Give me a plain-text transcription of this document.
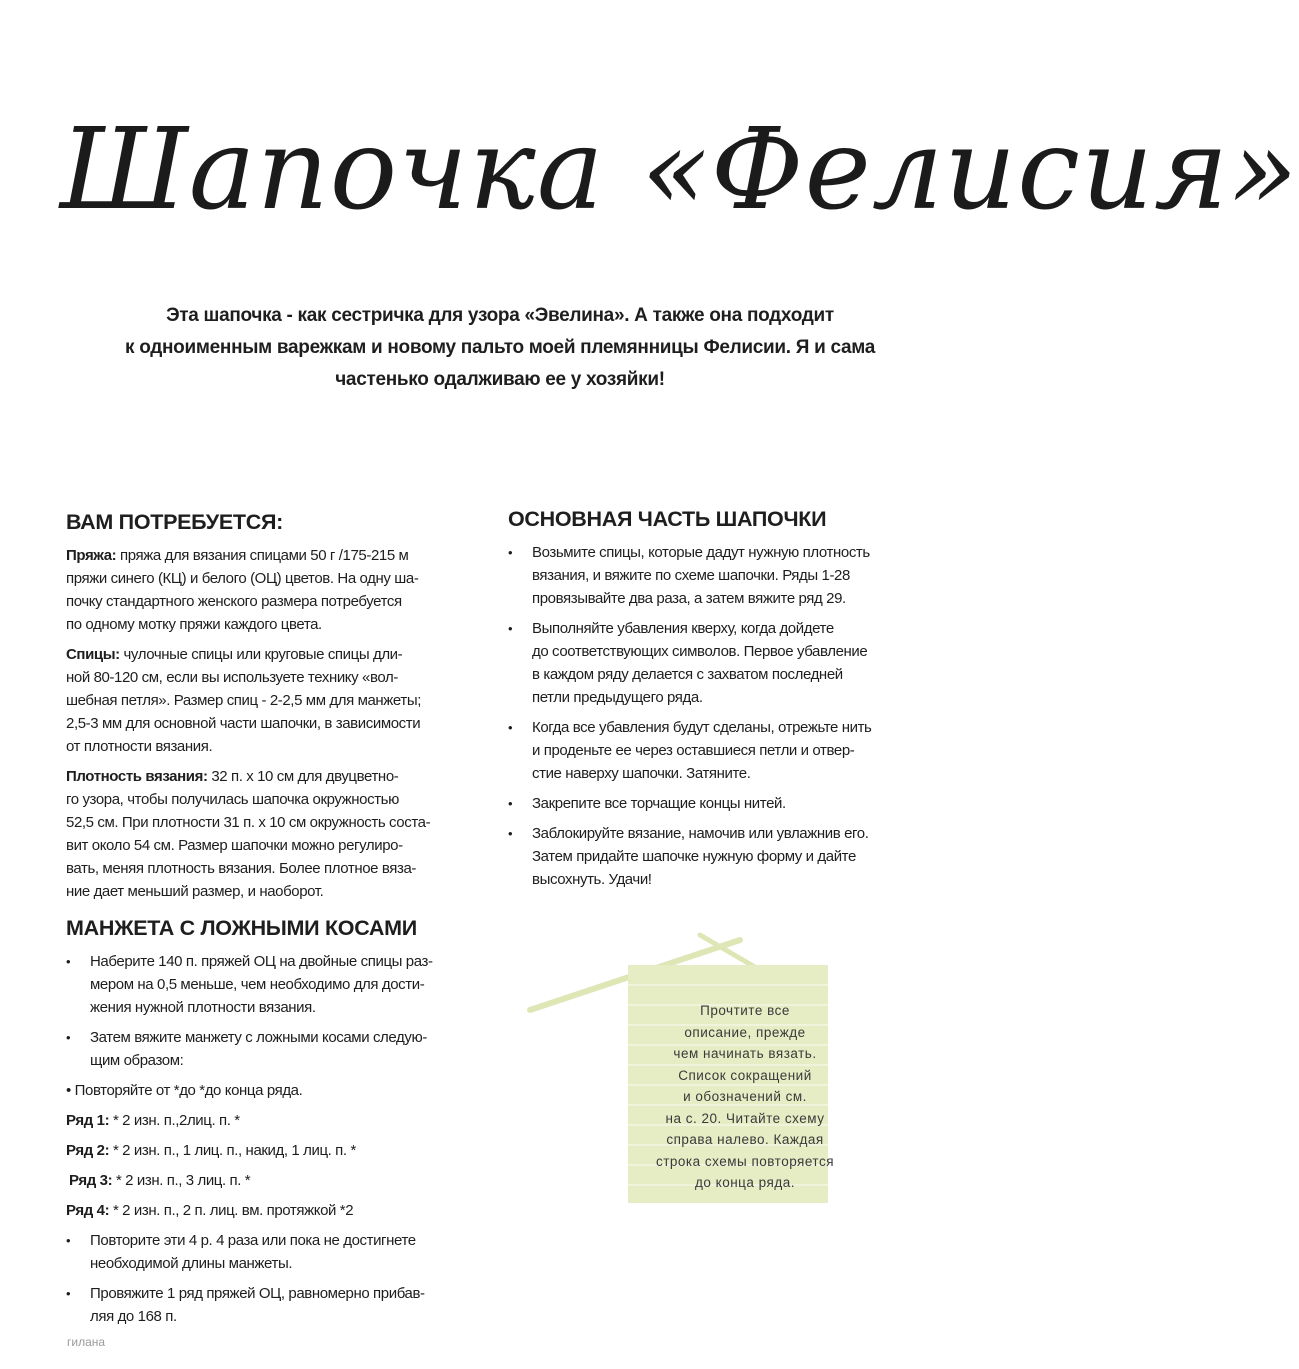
Шапочка «Фелисия»
Эта шапочка - как сестричка для узора «Эвелина». А также она подходит
к одноименным варежкам и новому пальто моей племянницы Фелисии. Я и сама
частенько одалживаю ее у хозяйки!
ВАМ ПОТРЕБУЕТСЯ:
Пряжа: пряжа для вязания спицами 50 г /175-215 м
пряжи синего (КЦ) и белого (ОЦ) цветов. На одну ша-
почку стандартного женского размера потребуется
по одному мотку пряжи каждого цвета.
Спицы: чулочные спицы или круговые спицы дли-
ной 80-120 см, если вы используете технику «вол-
шебная петля». Размер спиц - 2-2,5 мм для манжеты;
2,5-3 мм для основной части шапочки, в зависимости
от плотности вязания.
Плотность вязания: 32 п. х 10 см для двуцветно-
го узора, чтобы получилась шапочка окружностью
52,5 см. При плотности 31 п. х 10 см окружность соста-
вит около 54 см. Размер шапочки можно регулиро-
вать, меняя плотность вязания. Более плотное вяза-
ние дает меньший размер, и наоборот.
МАНЖЕТА С ЛОЖНЫМИ КОСАМИ
• Наберите 140 п. пряжей ОЦ на двойные спицы раз-
мером на 0,5 меньше, чем необходимо для дости-
жения нужной плотности вязания.
• Затем вяжите манжету с ложными косами следую-
щим образом:
• Повторяйте от *до *до конца ряда.
Ряд 1: * 2 изн. п.,2лиц. п. *
Ряд 2: * 2 изн. п., 1 лиц. п., накид, 1 лиц. п. *
Ряд 3: * 2 изн. п., 3 лиц. п. *
Ряд 4: * 2 изн. п., 2 п. лиц. вм. протяжкой *2
• Повторите эти 4 р. 4 раза или пока не достигнете
необходимой длины манжеты.
• Провяжите 1 ряд пряжей ОЦ, равномерно прибав-
ляя до 168 п.
ОСНОВНАЯ ЧАСТЬ ШАПОЧКИ
• Возьмите спицы, которые дадут нужную плотность
вязания, и вяжите по схеме шапочки. Ряды 1-28
провязывайте два раза, а затем вяжите ряд 29.
• Выполняйте убавления кверху, когда дойдете
до соответствующих символов. Первое убавление
в каждом ряду делается с захватом последней
петли предыдущего ряда.
• Когда все убавления будут сделаны, отрежьте нить
и проденьте ее через оставшиеся петли и отвер-
стие наверху шапочки. Затяните.
• Закрепите все торчащие концы нитей.
• Заблокируйте вязание, намочив или увлажнив его.
Затем придайте шапочке нужную форму и дайте
высохнуть. Удачи!
Прочтите все
описание, прежде
чем начинать вязать.
Список сокращений
и обозначений см.
на с. 20. Читайте схему
справа налево. Каждая
строка схемы повторяется
до конца ряда.
гилана
